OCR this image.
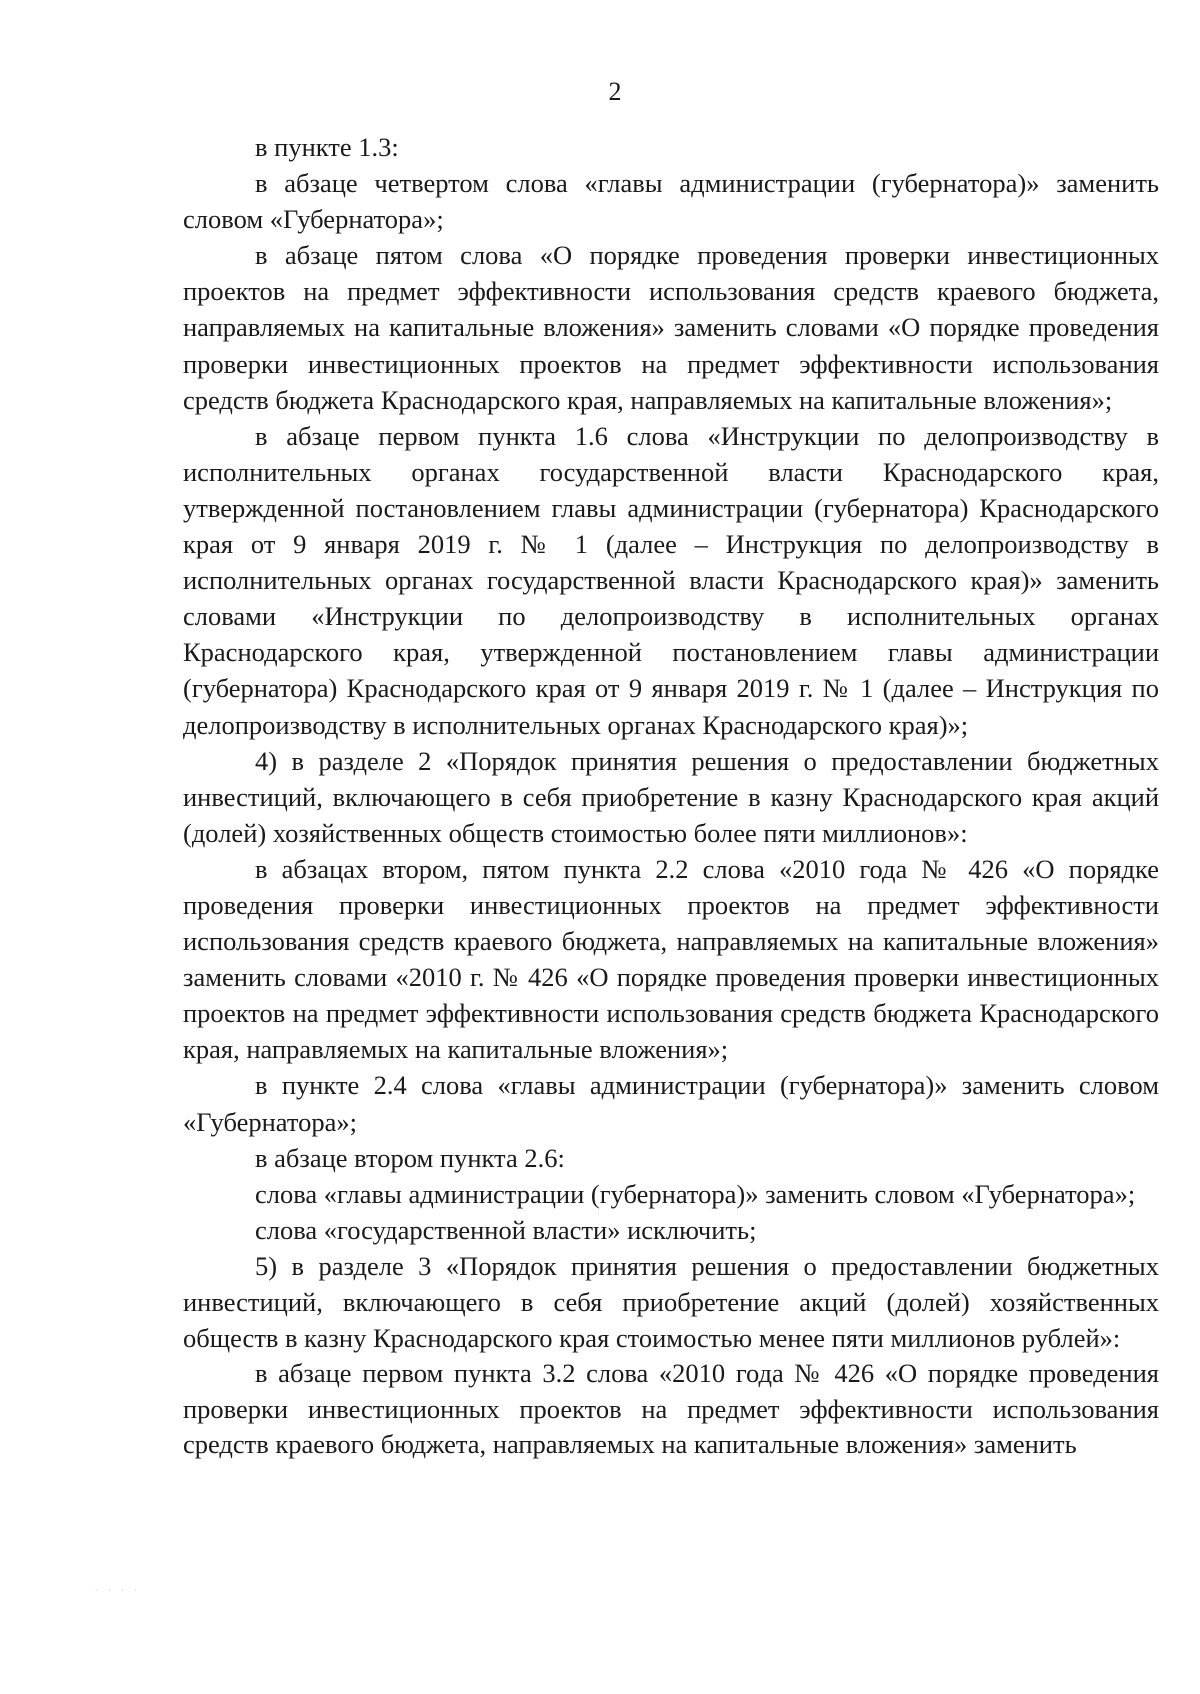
2

в пункте 1.3:

в абзаце четвертом слова «главы администрации (губернатора)» заменить словом «Губернатора»;

в абзаце пятом слова «О порядке проведения проверки инвестиционных проектов на предмет эффективности использования средств краевого бюджета, направляемых на капитальные вложения» заменить словами «О порядке проведения проверки инвестиционных проектов на предмет эффективности использования средств бюджета Краснодарского края, направляемых на капитальные вложения»;

в абзаце первом пункта 1.6 слова «Инструкции по делопроизводству в исполнительных органах государственной власти Краснодарского края, утвержденной постановлением главы администрации (губернатора) Краснодарского края от 9 января 2019 г. № 1 (далее – Инструкция по делопроизводству в исполнительных органах государственной власти Краснодарского края)» заменить словами «Инструкции по делопроизводству в исполнительных органах Краснодарского края, утвержденной постановлением главы администрации (губернатора) Краснодарского края от 9 января 2019 г. № 1 (далее – Инструкция по делопроизводству в исполнительных органах Краснодарского края)»;

4) в разделе 2 «Порядок принятия решения о предоставлении бюджетных инвестиций, включающего в себя приобретение в казну Краснодарского края акций (долей) хозяйственных обществ стоимостью более пяти миллионов»:

в абзацах втором, пятом пункта 2.2 слова «2010 года № 426 «О порядке проведения проверки инвестиционных проектов на предмет эффективности использования средств краевого бюджета, направляемых на капитальные вложения» заменить словами «2010 г. № 426 «О порядке проведения проверки инвестиционных проектов на предмет эффективности использования средств бюджета Краснодарского края, направляемых на капитальные вложения»;

в пункте 2.4 слова «главы администрации (губернатора)» заменить словом «Губернатора»;

в абзаце втором пункта 2.6:

слова «главы администрации (губернатора)» заменить словом «Губернатора»;

слова «государственной власти» исключить;

5) в разделе 3 «Порядок принятия решения о предоставлении бюджетных инвестиций, включающего в себя приобретение акций (долей) хозяйственных обществ в казну Краснодарского края стоимостью менее пяти миллионов рублей»:

в абзаце первом пункта 3.2 слова «2010 года № 426 «О порядке проведения проверки инвестиционных проектов на предмет эффективности использования средств краевого бюджета, направляемых на капитальные вложения» заменить

· · · ·
